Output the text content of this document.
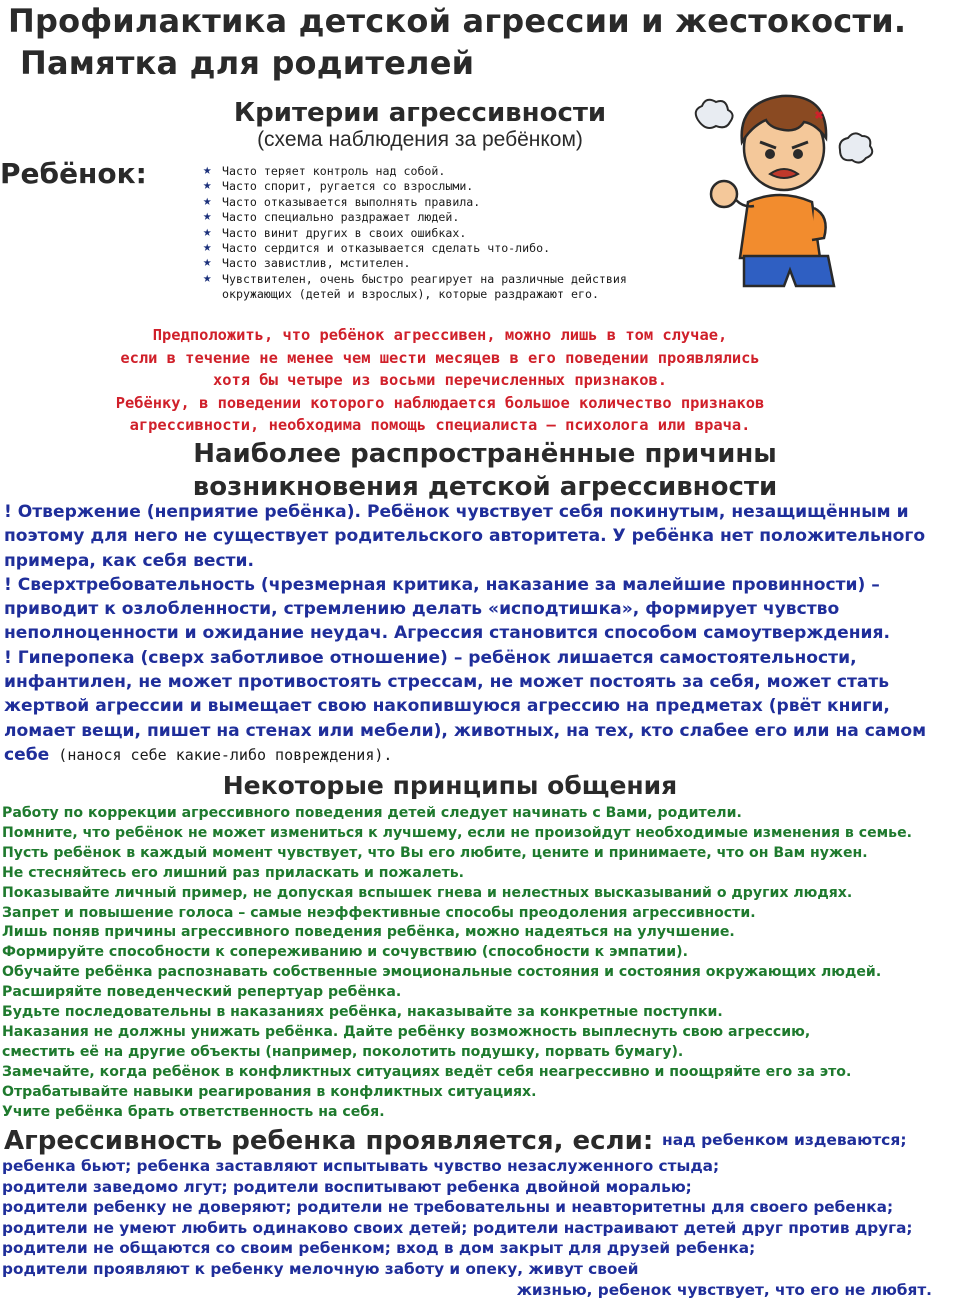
Профилактика детской агрессии и жестокости.
Памятка для родителей
Критерии агрессивности
(схема наблюдения за ребёнком)
Ребёнок:	★ Часто теряет контроль над собой.
★ Часто спорит, ругается со взрослыми.
★ Часто отказывается выполнять правила.
★ Часто специально раздражает людей.
★ Часто винит других в своих ошибках.
★ Часто сердится и отказывается сделать что-либо.
★ Часто завистлив, мстителен.
★ Чувствителен, очень быстро реагирует на различные действия окружающих (детей и взрослых), которые раздражают его.
Предположить, что ребёнок агрессивен, можно лишь в том случае,
если в течение не менее чем шести месяцев в его поведении проявлялись
хотя бы четыре из восьми перечисленных признаков.
Ребёнку, в поведении которого наблюдается большое количество признаков
агрессивности, необходима помощь специалиста – психолога или врача.
Наиболее распространённые причины
возникновения детской агрессивности

! Отвержение (неприятие ребёнка). Ребёнок чувствует себя покинутым, незащищённым и поэтому для него не существует родительского авторитета. У ребёнка нет положительного примера, как себя вести.

! Сверхтребовательность (чрезмерная критика, наказание за малейшие провинности) – приводит к озлобленности, стремлению делать «исподтишка», формирует чувство неполноценности и ожидание неудач. Агрессия становится способом самоутверждения.

! Гиперопека (сверх заботливое отношение) – ребёнок лишается самостоятельности, инфантилен, не может противостоять стрессам, не может постоять за себя, может стать жертвой агрессии и вымещает свою накопившуюся агрессию на предметах (рвёт книги, ломает вещи, пишет на стенах или мебели), животных, на тех, кто слабее его или на самом себе (нанося себе какие-либо повреждения).

Некоторые принципы общения
Работу по коррекции агрессивного поведения детей следует начинать с Вами, родители.
Помните, что ребёнок не может измениться к лучшему, если не произойдут необходимые изменения в семье.
Пусть ребёнок в каждый момент чувствует, что Вы его любите, цените и принимаете, что он Вам нужен.
Не стесняйтесь его лишний раз приласкать и пожалеть.
Показывайте личный пример, не допуская вспышек гнева и нелестных высказываний о других людях.
Запрет и повышение голоса – самые неэффективные способы преодоления агрессивности.
Лишь поняв причины агрессивного поведения ребёнка, можно надеяться на улучшение.
Формируйте способности к сопереживанию и сочувствию (способности к эмпатии).
Обучайте ребёнка распознавать собственные эмоциональные состояния и состояния окружающих людей.
Расширяйте поведенческий репертуар ребёнка.
Будьте последовательны в наказаниях ребёнка, наказывайте за конкретные поступки.
Наказания не должны унижать ребёнка. Дайте ребёнку возможность выплеснуть свою агрессию,
сместить её на другие объекты (например, поколотить подушку, порвать бумагу).
Замечайте, когда ребёнок в конфликтных ситуациях ведёт себя неагрессивно и поощряйте его за это.
Отрабатывайте навыки реагирования в конфликтных ситуациях.
Учите ребёнка брать ответственность на себя.
Агрессивность ребенка проявляется, если: над ребенком издеваются;
ребенка бьют; ребенка заставляют испытывать чувство незаслуженного стыда;
родители заведомо лгут; родители воспитывают ребенка двойной моралью;
родители ребенку не доверяют; родители не требовательны и неавторитетны для своего ребенка;
родители не умеют любить одинаково своих детей; родители настраивают детей друг против друга;
родители не общаются со своим ребенком; вход в дом закрыт для друзей ребенка;
родители проявляют к ребенку мелочную заботу и опеку, живут своей
жизнью, ребенок чувствует, что его не любят.
